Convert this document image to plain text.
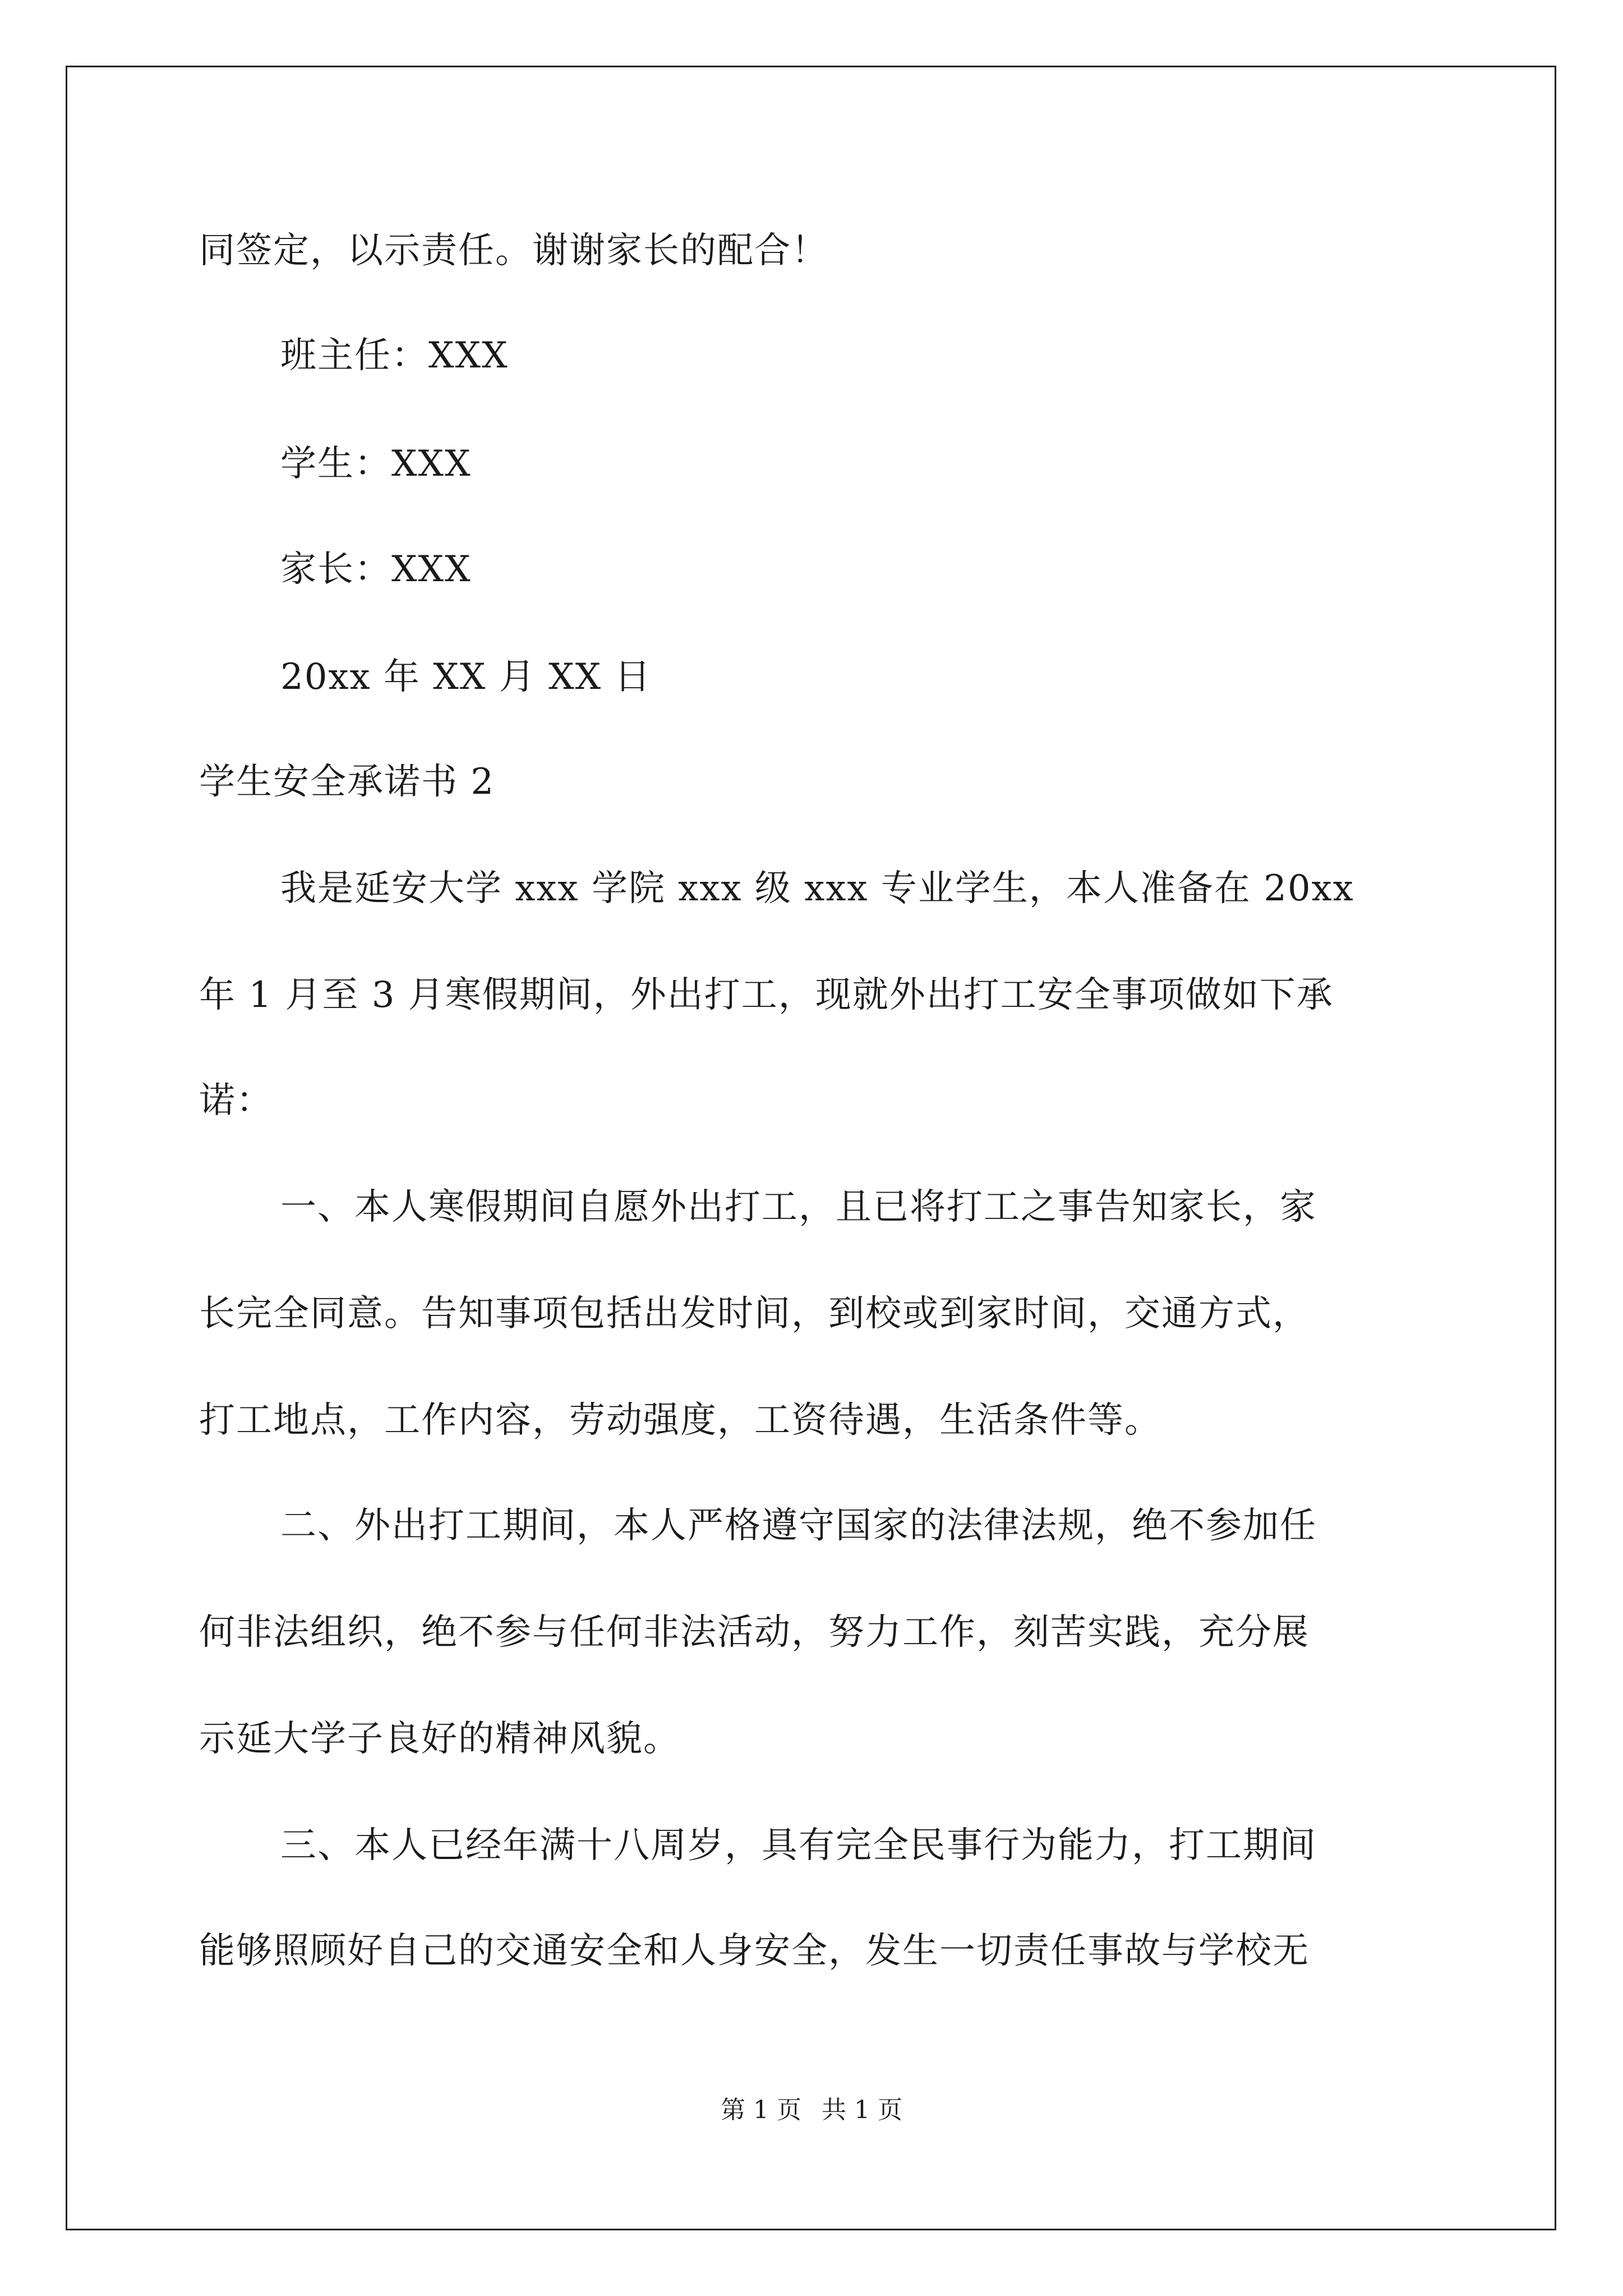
同签定，以示责任。谢谢家长的配合！
班主任：XXX
学生：XXX
家长：XXX
20xx 年 XX 月 XX 日
学生安全承诺书 2
我是延安大学 xxx 学院 xxx 级 xxx 专业学生，本人准备在 20xx
年 1 月至 3 月寒假期间，外出打工，现就外出打工安全事项做如下承
诺：
一、本人寒假期间自愿外出打工，且已将打工之事告知家长，家
长完全同意。告知事项包括出发时间，到校或到家时间，交通方式，
打工地点，工作内容，劳动强度，工资待遇，生活条件等。
二、外出打工期间，本人严格遵守国家的法律法规，绝不参加任
何非法组织，绝不参与任何非法活动，努力工作，刻苦实践，充分展
示延大学子良好的精神风貌。
三、本人已经年满十八周岁，具有完全民事行为能力，打工期间
能够照顾好自己的交通安全和人身安全，发生一切责任事故与学校无
第 1 页 共 1 页
